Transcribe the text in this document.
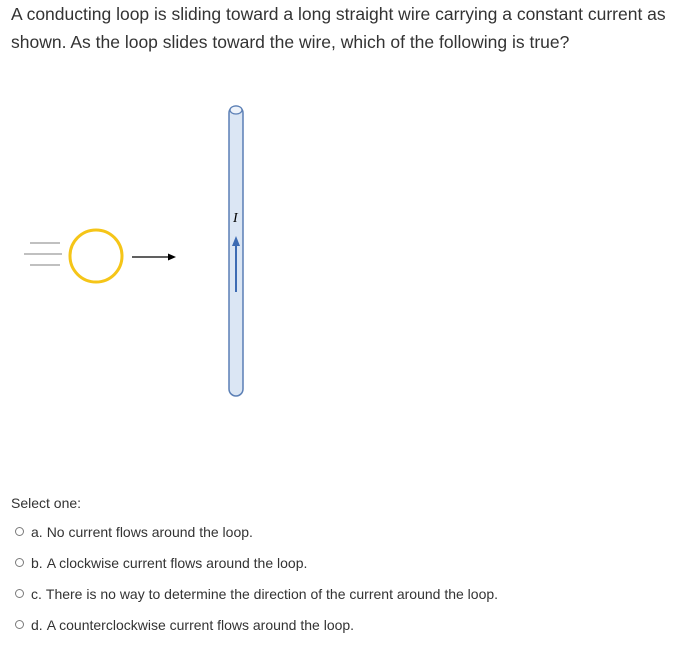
A conducting loop is sliding toward a long straight wire carrying a constant current as shown. As the loop slides toward the wire, which of the following is true?

I
Select one:
a. No current flows around the loop.
b. A clockwise current flows around the loop.
c. There is no way to determine the direction of the current around the loop.
d. A counterclockwise current flows around the loop.
